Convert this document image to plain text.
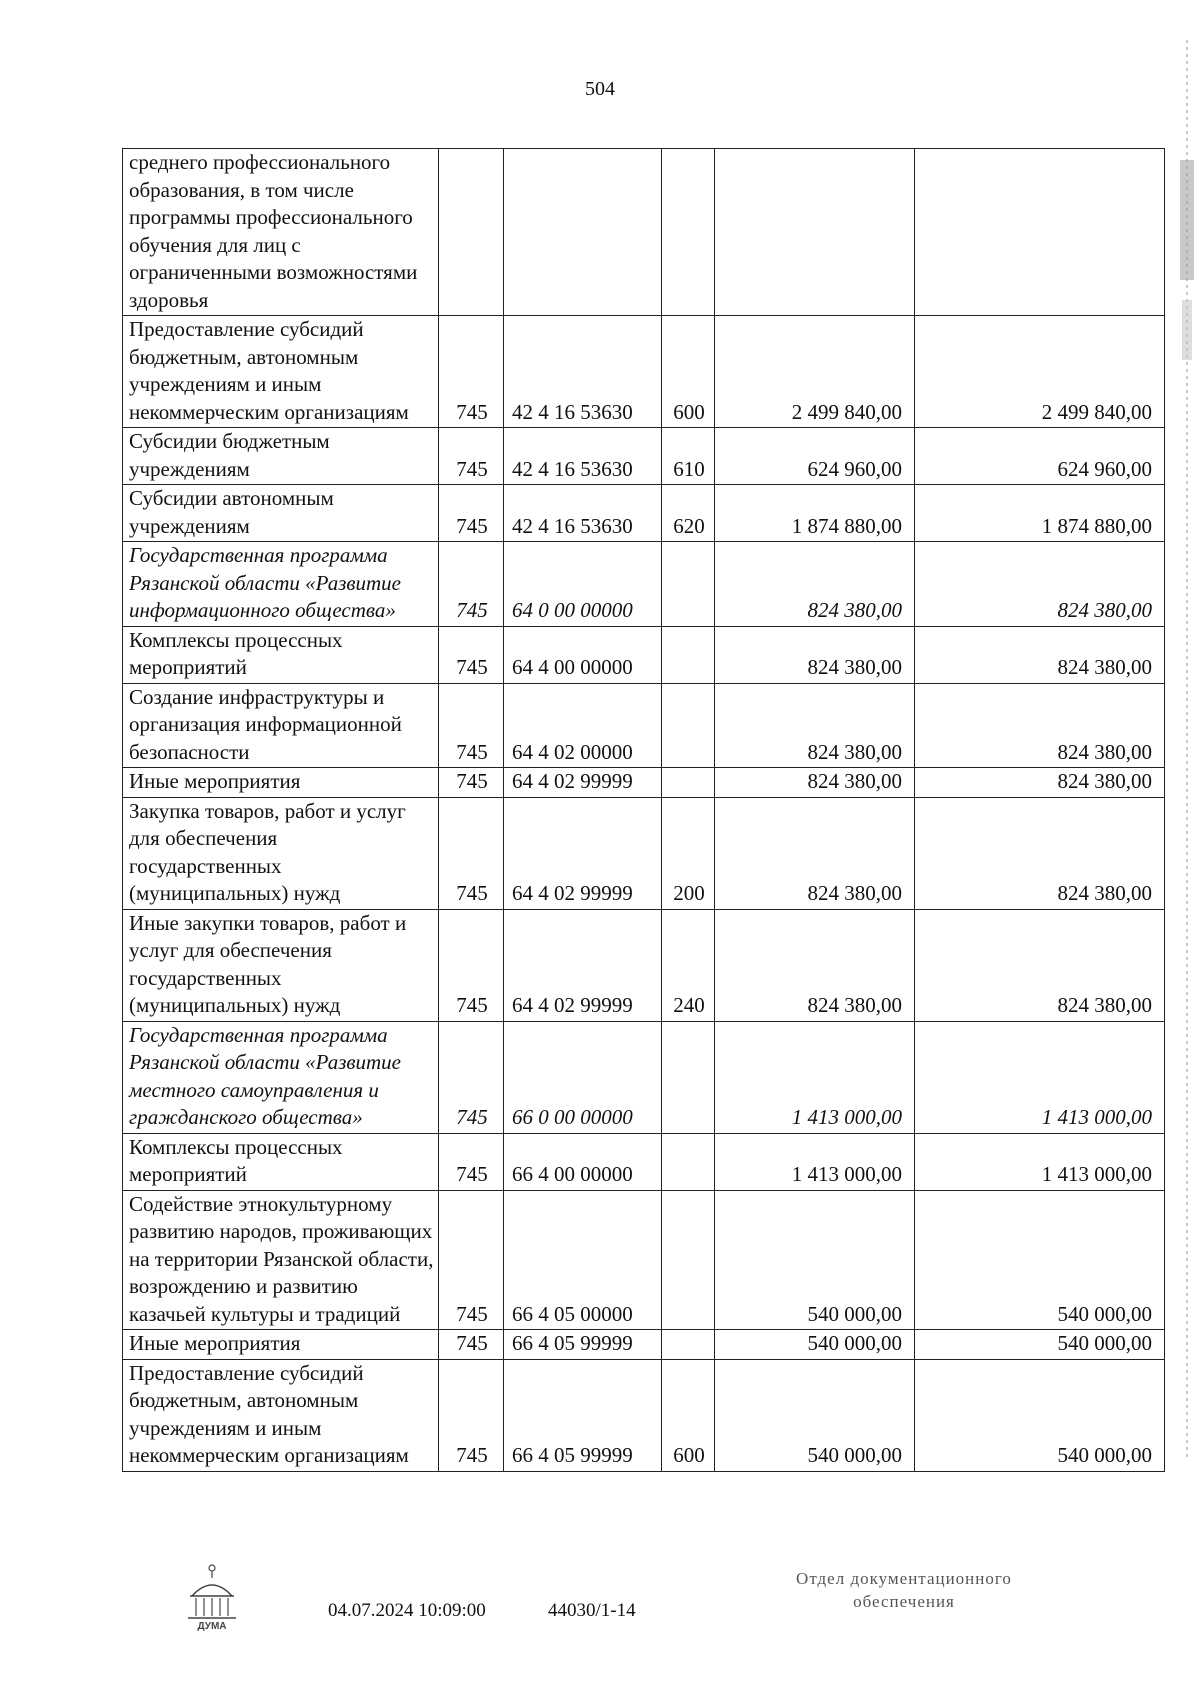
504
среднего профессионального образования, в том числе программы профессионального обучения для лиц с ограниченными возможностями здоровья					
Предоставление субсидий бюджетным, автономным учреждениям и иным некоммерческим организациям	745	42 4 16 53630	600	2 499 840,00	2 499 840,00
Субсидии бюджетным учреждениям	745	42 4 16 53630	610	624 960,00	624 960,00
Субсидии автономным учреждениям	745	42 4 16 53630	620	1 874 880,00	1 874 880,00
Государственная программа Рязанской области «Развитие информационного общества»	745	64 0 00 00000		824 380,00	824 380,00
Комплексы процессных мероприятий	745	64 4 00 00000		824 380,00	824 380,00
Создание инфраструктуры и организация информационной безопасности	745	64 4 02 00000		824 380,00	824 380,00
Иные мероприятия	745	64 4 02 99999		824 380,00	824 380,00
Закупка товаров, работ и услуг для обеспечения государственных (муниципальных) нужд	745	64 4 02 99999	200	824 380,00	824 380,00
Иные закупки товаров, работ и услуг для обеспечения государственных (муниципальных) нужд	745	64 4 02 99999	240	824 380,00	824 380,00
Государственная программа Рязанской области «Развитие местного самоуправления и гражданского общества»	745	66 0 00 00000		1 413 000,00	1 413 000,00
Комплексы процессных мероприятий	745	66 4 00 00000		1 413 000,00	1 413 000,00
Содействие этнокультурному развитию народов, проживающих на территории Рязанской области, возрождению и развитию казачьей культуры и традиций	745	66 4 05 00000		540 000,00	540 000,00
Иные мероприятия	745	66 4 05 99999		540 000,00	540 000,00
Предоставление субсидий бюджетным, автономным учреждениям и иным некоммерческим организациям	745	66 4 05 99999	600	540 000,00	540 000,00
ДУМА
04.07.2024 10:09:00	44030/1-14
Отдел документационного
обеспечения
